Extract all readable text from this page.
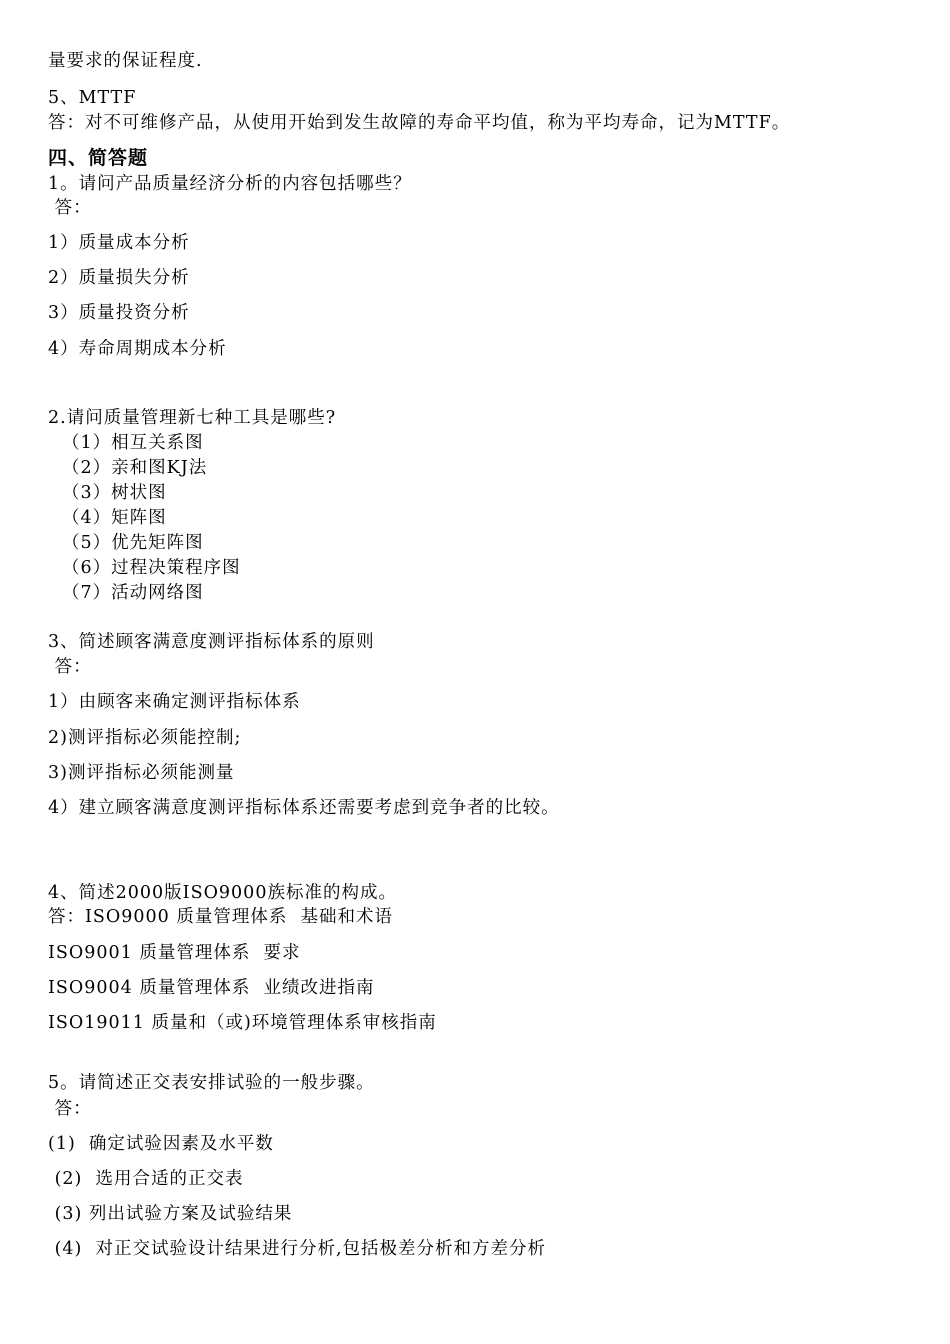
量要求的保证程度.
5、MTTF
答：对不可维修产品，从使用开始到发生故障的寿命平均值，称为平均寿命，记为MTTF。
四、简答题
1。请问产品质量经济分析的内容包括哪些？
答：
1）质量成本分析
2）质量损失分析
3）质量投资分析
4）寿命周期成本分析
2.请问质量管理新七种工具是哪些?
（1）相互关系图
（2）亲和图KJ法
（3）树状图
（4）矩阵图
（5）优先矩阵图
（6）过程决策程序图
（7）活动网络图
3、简述顾客满意度测评指标体系的原则
答：
1）由顾客来确定测评指标体系
2)测评指标必须能控制;
3)测评指标必须能测量
4）建立顾客满意度测评指标体系还需要考虑到竞争者的比较。
4、简述2000版ISO9000族标准的构成。
答：ISO9000 质量管理体系  基础和术语
ISO9001 质量管理体系  要求
ISO9004 质量管理体系  业绩改进指南
ISO19011 质量和（或)环境管理体系审核指南
5。请简述正交表安排试验的一般步骤。
答：
(1)  确定试验因素及水平数
(2)  选用合适的正交表
(3) 列出试验方案及试验结果
(4)  对正交试验设计结果进行分析,包括极差分析和方差分析
